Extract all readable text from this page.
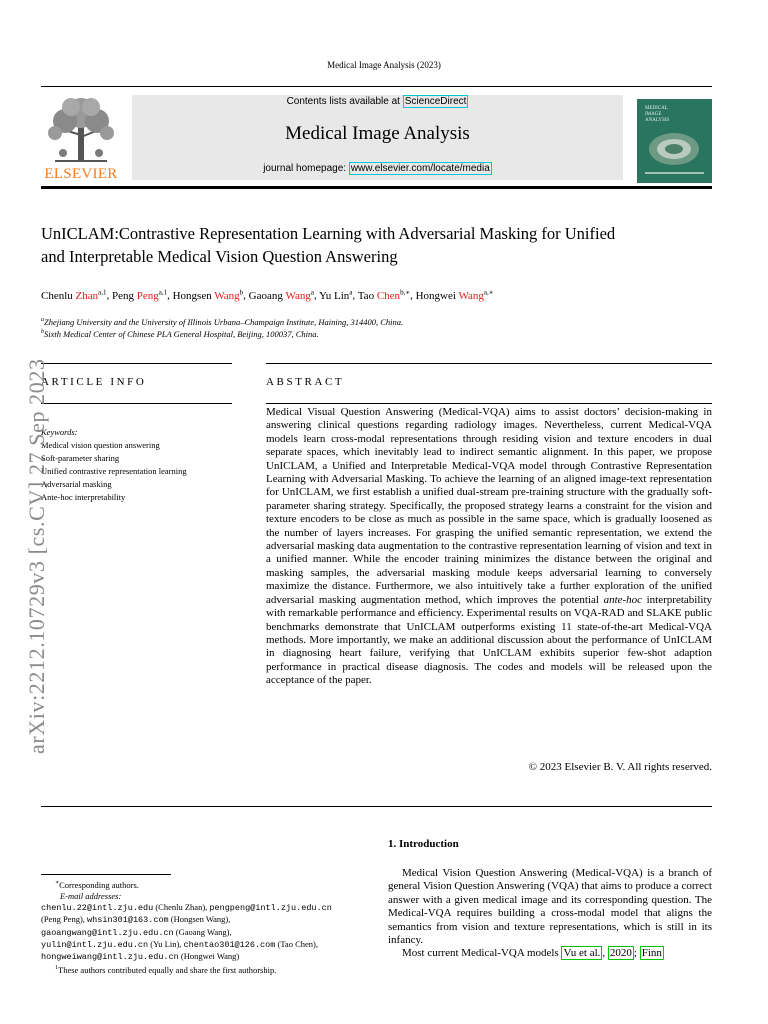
Medical Image Analysis (2023)
ELSEVIER
Contents lists available at ScienceDirect
Medical Image Analysis
journal homepage: www.elsevier.com/locate/media
MEDICAL
IMAGE
ANALYSIS
UnICLAM:Contrastive Representation Learning with Adversarial Masking for Unified
and Interpretable Medical Vision Question Answering
Chenlu Zhan$^{a,1}$, Peng Peng$^{a,1}$, Hongsen Wang$^b$, Gaoang Wang$^a$, Yu Lin$^a$, Tao Chen$^{b,∗}$, Hongwei Wang$^{a,∗}$
$^a$Zhejiang University and the University of Illinois Urbana–Champaign Institute, Haining, 314400, China.
$^b$Sixth Medical Center of Chinese PLA General Hospital, Beijing, 100037, China.
ARTICLE INFO	ABSTRACT
Keywords:
Medical vision question answering
Soft-parameter sharing
Unified contrastive representation learning
Adversarial masking
Ante-hoc interpretability
Medical Visual Question Answering (Medical-VQA) aims to assist doctors’ decision-making in answering clinical questions regarding radiology images. Nevertheless, current Medical-VQA models learn cross-modal representations through residing vision and texture encoders in dual separate spaces, which inevitably lead to indirect semantic alignment. In this paper, we propose UnICLAM, a Unified and Interpretable Medical-VQA model through Contrastive Representation Learning with Adversarial Masking. To achieve the learning of an aligned image-text representation for UnICLAM, we first establish a unified dual-stream pre-training structure with the gradually soft-parameter sharing strategy. Specifically, the proposed strategy learns a constraint for the vision and texture encoders to be close as much as possible in the same space, which is gradually loosened as the number of layers increases. For grasping the unified semantic representation, we extend the adversarial masking data augmentation to the contrastive representation learning of vision and text in a unified manner. While the encoder training minimizes the distance between the original and masking samples, the adversarial masking module keeps adversarial learning to conversely maximize the distance. Furthermore, we also intuitively take a further exploration of the unified adversarial masking augmentation method, which improves the potential ante-hoc interpretability with remarkable performance and efficiency. Experimental results on VQA-RAD and SLAKE public benchmarks demonstrate that UnICLAM outperforms existing 11 state-of-the-art Medical-VQA methods. More importantly, we make an additional discussion about the performance of UnICLAM in diagnosing heart failure, verifying that UnICLAM exhibits superior few-shot adaption performance in practical disease diagnosis. The codes and models will be released upon the acceptance of the paper.
© 2023 Elsevier B. V. All rights reserved.
arXiv:2212.10729v3 [cs.CV] 27 Sep 2023
1. Introduction

Medical Vision Question Answering (Medical-VQA) is a branch of general Vision Question Answering (VQA) that aims to produce a correct answer with a given medical image and its corresponding question. The Medical-VQA requires building a cross-modal model that aligns the semantics from vision and texture representations, which is still in its infancy.

Most current Medical-VQA models Vu et al. , 2020 ; Finn

∗Corresponding authors.
E-mail addresses:
chenlu.22@intl.zju.edu (Chenlu Zhan), pengpeng@intl.zju.edu.cn
(Peng Peng), whsin301@163.com (Hongsen Wang),
gaoangwang@intl.zju.edu.cn (Gaoang Wang),
yulin@intl.zju.edu.cn (Yu Lin), chentao301@126.com (Tao Chen),
hongweiwang@intl.zju.edu.cn (Hongwei Wang)
$^1$These authors contributed equally and share the first authorship.
